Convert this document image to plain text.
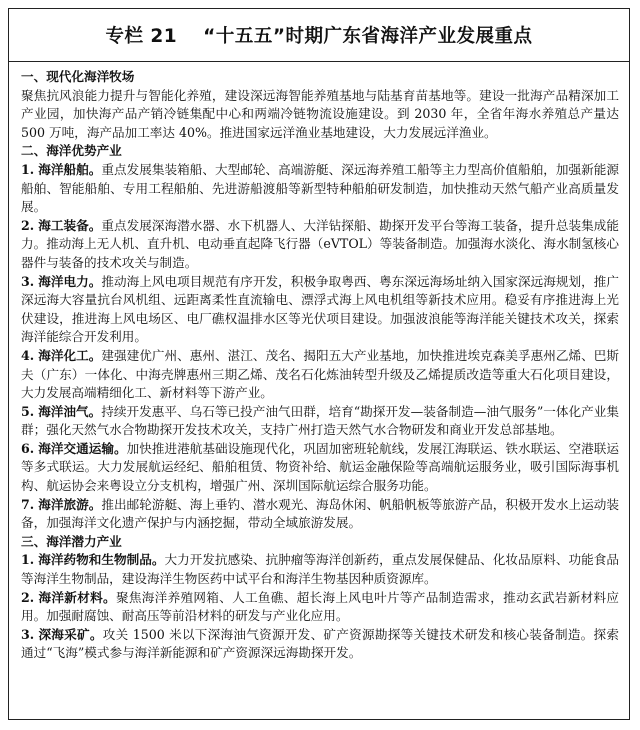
专栏 21 “十五五”时期广东省海洋产业发展重点
一、现代化海洋牧场

聚焦抗风浪能力提升与智能化养殖，建设深远海智能养殖基地与陆基育苗基地等。建设一批海产品精深加工产业园，加快海产品产销冷链集配中心和两端冷链物流设施建设。到 2030 年，全省年海水养殖总产量达 500 万吨，海产品加工率达 40%。推进国家远洋渔业基地建设，大力发展远洋渔业。

二、海洋优势产业

1. 海洋船舶。重点发展集装箱船、大型邮轮、高端游艇、深远海养殖工船等主力型高价值船舶，加强新能源船舶、智能船舶、专用工程船舶、先进游船渡船等新型特种船舶研发制造，加快推动天然气船产业高质量发展。

2. 海工装备。重点发展深海潜水器、水下机器人、大洋钻探船、勘探开发平台等海工装备，提升总装集成能力。推动海上无人机、直升机、电动垂直起降飞行器（eVTOL）等装备制造。加强海水淡化、海水制氢核心器件与装备的技术攻关与制造。

3. 海洋电力。推动海上风电项目规范有序开发，积极争取粤西、粤东深远海场址纳入国家深远海规划，推广深远海大容量抗台风机组、远距离柔性直流输电、漂浮式海上风电机组等新技术应用。稳妥有序推进海上光伏建设，推进海上风电场区、电厂礁权温排水区等光伏项目建设。加强波浪能等海洋能关键技术攻关，探索海洋能综合开发利用。

4. 海洋化工。建强建优广州、惠州、湛江、茂名、揭阳五大产业基地，加快推进埃克森美孚惠州乙烯、巴斯夫（广东）一体化、中海壳牌惠州三期乙烯、茂名石化炼油转型升级及乙烯提质改造等重大石化项目建设，大力发展高端精细化工、新材料等下游产业。

5. 海洋油气。持续开发惠平、乌石等已投产油气田群，培育“勘探开发—装备制造—油气服务”一体化产业集群；强化天然气水合物勘探开发技术攻关，支持广州打造天然气水合物研发和商业开发总部基地。

6. 海洋交通运输。加快推进港航基础设施现代化，巩固加密班轮航线，发展江海联运、铁水联运、空港联运等多式联运。大力发展航运经纪、船舶租赁、物资补给、航运金融保险等高端航运服务业，吸引国际海事机构、航运协会来粤设立分支机构，增强广州、深圳国际航运综合服务功能。

7. 海洋旅游。推出邮轮游艇、海上垂钓、潜水观光、海岛休闲、帆船帆板等旅游产品，积极开发水上运动装备，加强海洋文化遗产保护与内涵挖掘，带动全域旅游发展。

三、海洋潜力产业

1. 海洋药物和生物制品。大力开发抗感染、抗肿瘤等海洋创新药，重点发展保健品、化妆品原料、功能食品等海洋生物制品，建设海洋生物医药中试平台和海洋生物基因种质资源库。

2. 海洋新材料。聚焦海洋养殖网箱、人工鱼礁、超长海上风电叶片等产品制造需求，推动玄武岩新材料应用。加强耐腐蚀、耐高压等前沿材料的研发与产业化应用。

3. 深海采矿。攻关 1500 米以下深海油气资源开发、矿产资源勘探等关键技术研发和核心装备制造。探索通过“飞海”模式参与海洋新能源和矿产资源深远海勘探开发。
